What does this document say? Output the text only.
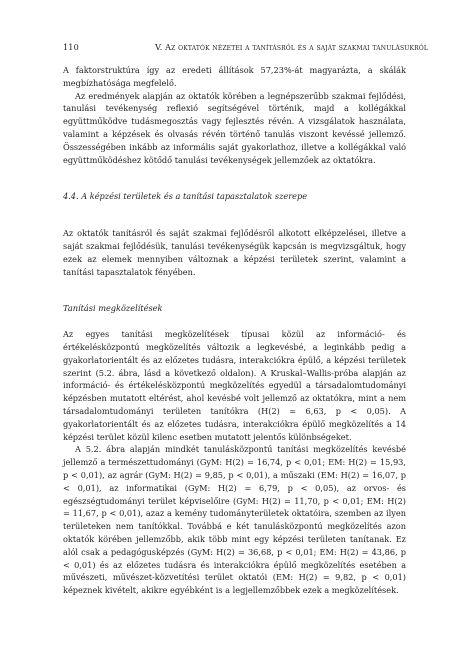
110	V. Az oktatók nézetei a tanításról és a saját szakmai tanulásukról

A faktorstruktúra így az eredeti állítások 57,23%-át magyarázta, a skálák megbízhatósága megfelelő.

Az eredmények alapján az oktatók körében a legnépszerűbb szakmai fejlődési, tanulási tevékenység reflexió segítségével történik, majd a kollégákkal együttműködve tudásmegosztás vagy fejlesztés révén. A vizsgálatok használata, valamint a képzések és olvasás révén történő tanulás viszont kevéssé jellemző. Összességében inkább az informális saját gyakorlathoz, illetve a kollégákkal való együttműködéshez kötődő tanulási tevékenységek jellemzőek az oktatókra.

4.4. A képzési területek és a tanítási tapasztalatok szerepe

Az oktatók tanításról és saját szakmai fejlődésről alkotott elképzelései, illetve a saját szakmai fejlődésük, tanulási tevékenységük kapcsán is megvizsgáltuk, hogy ezek az elemek mennyiben változnak a képzési területek szerint, valamint a tanítási tapasztalatok fényében.

Tanítási megközelítések

Az egyes tanítási megközelítések típusai közül az információ- és értékelésközpontú megközelítés változik a legkevésbé, a leginkább pedig a gyakorlatorientált és az előzetes tudásra, interakciókra épülő, a képzési területek szerint (5.2. ábra, lásd a következő oldalon). A Kruskal–Wallis-próba alapján az információ- és értékelésközpontú megközelítés egyedül a társadalomtudományi képzésben mutatott eltérést, ahol kevésbé volt jellemző az oktatókra, mint a nem társadalomtudományi területen tanítókra (H(2) = 6,63, p < 0,05). A gyakorlatorientált és az előzetes tudásra, interakciókra épülő megközelítés a 14 képzési terület közül kilenc esetben mutatott jelentős különbségeket.

A 5.2. ábra alapján mindkét tanulásközpontú tanítási megközelítés kevésbé jellemző a természettudományi (GyM: H(2) = 16,74, p < 0,01; EM: H(2) = 15,93, p < 0,01), az agrár (GyM: H(2) = 9,85, p < 0,01), a műszaki (EM: H(2) = 16,07, p < 0,01), az informatikai (GyM: H(2) = 6,79, p < 0,05), az orvos- és egészségtudományi terület képviselőire (GyM: H(2) = 11,70, p < 0,01; EM: H(2) = 11,67, p < 0,01), azaz a kemény tudományterületek oktatóira, szemben az ilyen területeken nem tanítókkal. Továbbá e két tanulásközpontú megközelítés azon oktatók körében jellemzőbb, akik több mint egy képzési területen tanítanak. Ez alól csak a pedagógusképzés (GyM: H(2) = 36,68, p < 0,01; EM: H(2) = 43,86, p < 0,01) és az előzetes tudásra és interakciókra épülő megközelítés esetében a művészeti, művészet-közvetítési terület oktatói (EM: H(2) = 9,82, p < 0,01) képeznek kivételt, akikre egyébként is a legjellemzőbbek ezek a megközelítések.
